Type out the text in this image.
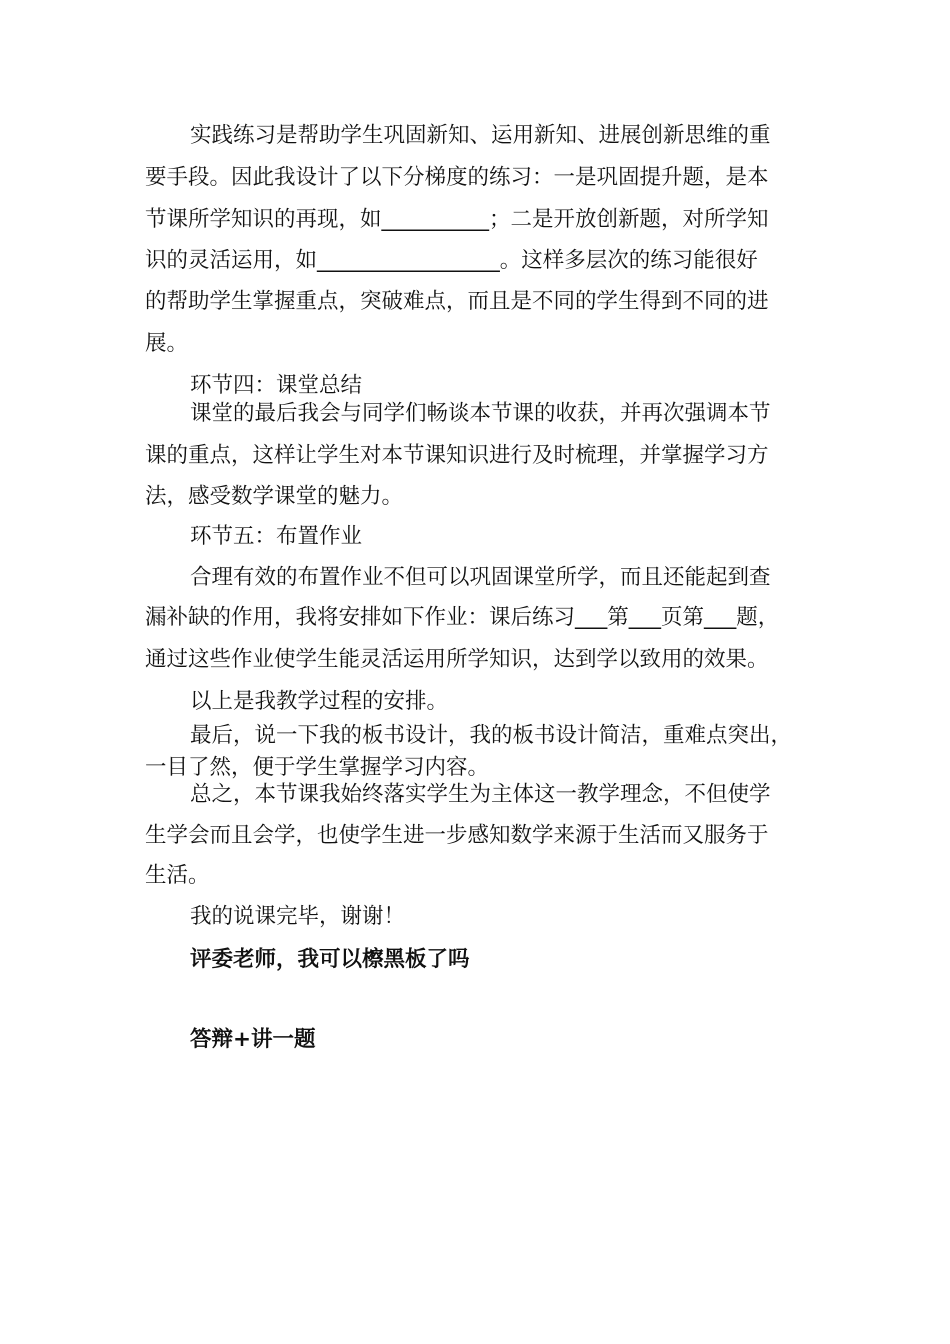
实践练习是帮助学生巩固新知、运用新知、进展创新思维的重

要手段。因此我设计了以下分梯度的练习：一是巩固提升题，是本

节课所学知识的再现，如__________；二是开放创新题，对所学知

识的灵活运用，如_________________。这样多层次的练习能很好

的帮助学生掌握重点，突破难点，而且是不同的学生得到不同的进

展。

环节四：课堂总结

课堂的最后我会与同学们畅谈本节课的收获，并再次强调本节

课的重点，这样让学生对本节课知识进行及时梳理，并掌握学习方

法，感受数学课堂的魅力。

环节五：布置作业

合理有效的布置作业不但可以巩固课堂所学，而且还能起到查

漏补缺的作用，我将安排如下作业：课后练习___第___页第___题，

通过这些作业使学生能灵活运用所学知识，达到学以致用的效果。

以上是我教学过程的安排。

最后，说一下我的板书设计，我的板书设计简洁，重难点突出，

一目了然，便于学生掌握学习内容。

总之，本节课我始终落实学生为主体这一教学理念，不但使学

生学会而且会学，也使学生进一步感知数学来源于生活而又服务于

生活。

我的说课完毕，谢谢！

评委老师，我可以檫黑板了吗

答辩+讲一题
